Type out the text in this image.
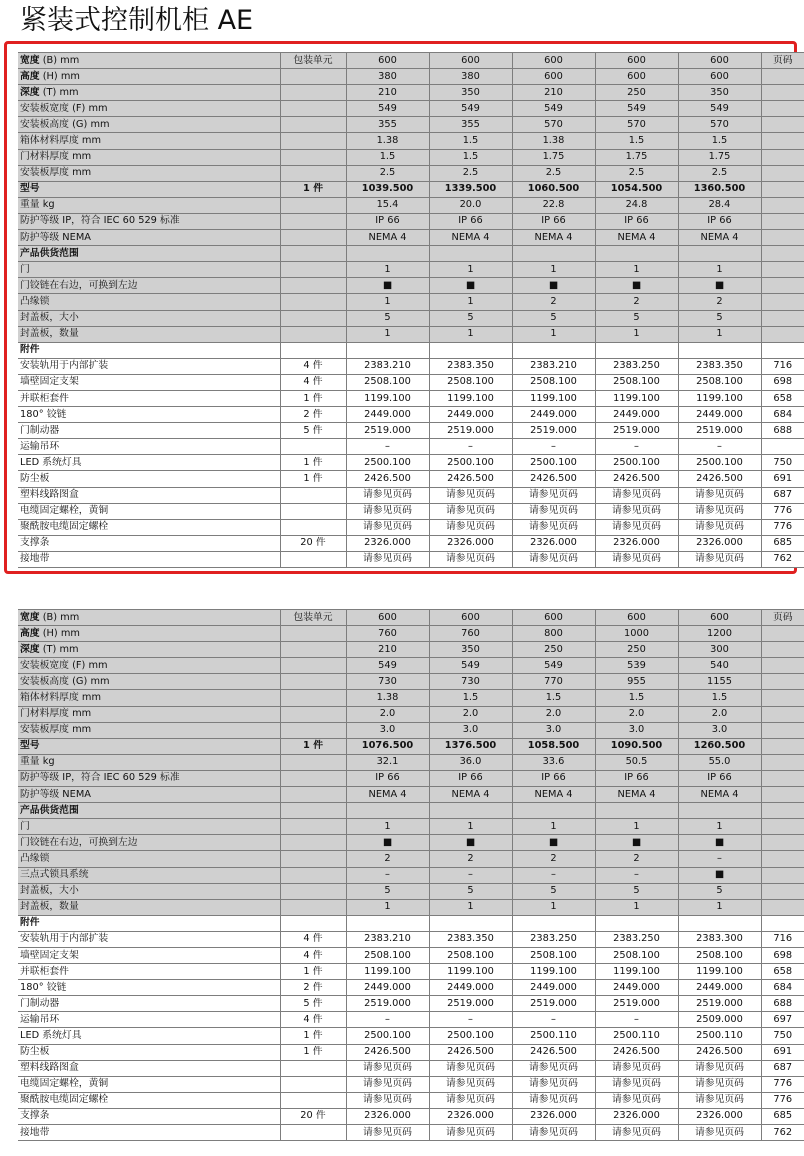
紧装式控制机柜 AE
宽度 (B) mm	包装单元	600	600	600	600	600	页码
高度 (H) mm		380	380	600	600	600	
深度 (T) mm		210	350	210	250	350	
安装板宽度 (F) mm		549	549	549	549	549	
安装板高度 (G) mm		355	355	570	570	570	
箱体材料厚度 mm		1.38	1.5	1.38	1.5	1.5	
门材料厚度 mm		1.5	1.5	1.75	1.75	1.75	
安装板厚度 mm		2.5	2.5	2.5	2.5	2.5	
型号	1 件	1039.500	1339.500	1060.500	1054.500	1360.500	
重量 kg		15.4	20.0	22.8	24.8	28.4	
防护等级 IP，符合 IEC 60 529 标准		IP 66	IP 66	IP 66	IP 66	IP 66	
防护等级 NEMA		NEMA 4	NEMA 4	NEMA 4	NEMA 4	NEMA 4	
产品供货范围							
门		1	1	1	1	1	
门铰链在右边，可换到左边		■	■	■	■	■	
凸缘锁		1	1	2	2	2	
封盖板，大小		5	5	5	5	5	
封盖板，数量		1	1	1	1	1	
附件							
安装轨用于内部扩装	4 件	2383.210	2383.350	2383.210	2383.250	2383.350	716
墙壁固定支架	4 件	2508.100	2508.100	2508.100	2508.100	2508.100	698
并联柜套件	1 件	1199.100	1199.100	1199.100	1199.100	1199.100	658
180° 铰链	2 件	2449.000	2449.000	2449.000	2449.000	2449.000	684
门制动器	5 件	2519.000	2519.000	2519.000	2519.000	2519.000	688
运输吊环		–	–	–	–	–	
LED 系统灯具	1 件	2500.100	2500.100	2500.100	2500.100	2500.100	750
防尘板	1 件	2426.500	2426.500	2426.500	2426.500	2426.500	691
塑料线路图盒		请参见页码	请参见页码	请参见页码	请参见页码	请参见页码	687
电缆固定螺栓，黄铜		请参见页码	请参见页码	请参见页码	请参见页码	请参见页码	776
聚酰胺电缆固定螺栓		请参见页码	请参见页码	请参见页码	请参见页码	请参见页码	776
支撑条	20 件	2326.000	2326.000	2326.000	2326.000	2326.000	685
接地带		请参见页码	请参见页码	请参见页码	请参见页码	请参见页码	762
宽度 (B) mm	包装单元	600	600	600	600	600	页码
高度 (H) mm		760	760	800	1000	1200	
深度 (T) mm		210	350	250	250	300	
安装板宽度 (F) mm		549	549	549	539	540	
安装板高度 (G) mm		730	730	770	955	1155	
箱体材料厚度 mm		1.38	1.5	1.5	1.5	1.5	
门材料厚度 mm		2.0	2.0	2.0	2.0	2.0	
安装板厚度 mm		3.0	3.0	3.0	3.0	3.0	
型号	1 件	1076.500	1376.500	1058.500	1090.500	1260.500	
重量 kg		32.1	36.0	33.6	50.5	55.0	
防护等级 IP，符合 IEC 60 529 标准		IP 66	IP 66	IP 66	IP 66	IP 66	
防护等级 NEMA		NEMA 4	NEMA 4	NEMA 4	NEMA 4	NEMA 4	
产品供货范围							
门		1	1	1	1	1	
门铰链在右边，可换到左边		■	■	■	■	■	
凸缘锁		2	2	2	2	–	
三点式锁具系统		–	–	–	–	■	
封盖板，大小		5	5	5	5	5	
封盖板，数量		1	1	1	1	1	
附件							
安装轨用于内部扩装	4 件	2383.210	2383.350	2383.250	2383.250	2383.300	716
墙壁固定支架	4 件	2508.100	2508.100	2508.100	2508.100	2508.100	698
并联柜套件	1 件	1199.100	1199.100	1199.100	1199.100	1199.100	658
180° 铰链	2 件	2449.000	2449.000	2449.000	2449.000	2449.000	684
门制动器	5 件	2519.000	2519.000	2519.000	2519.000	2519.000	688
运输吊环	4 件	–	–	–	–	2509.000	697
LED 系统灯具	1 件	2500.100	2500.100	2500.110	2500.110	2500.110	750
防尘板	1 件	2426.500	2426.500	2426.500	2426.500	2426.500	691
塑料线路图盒		请参见页码	请参见页码	请参见页码	请参见页码	请参见页码	687
电缆固定螺栓，黄铜		请参见页码	请参见页码	请参见页码	请参见页码	请参见页码	776
聚酰胺电缆固定螺栓		请参见页码	请参见页码	请参见页码	请参见页码	请参见页码	776
支撑条	20 件	2326.000	2326.000	2326.000	2326.000	2326.000	685
接地带		请参见页码	请参见页码	请参见页码	请参见页码	请参见页码	762
